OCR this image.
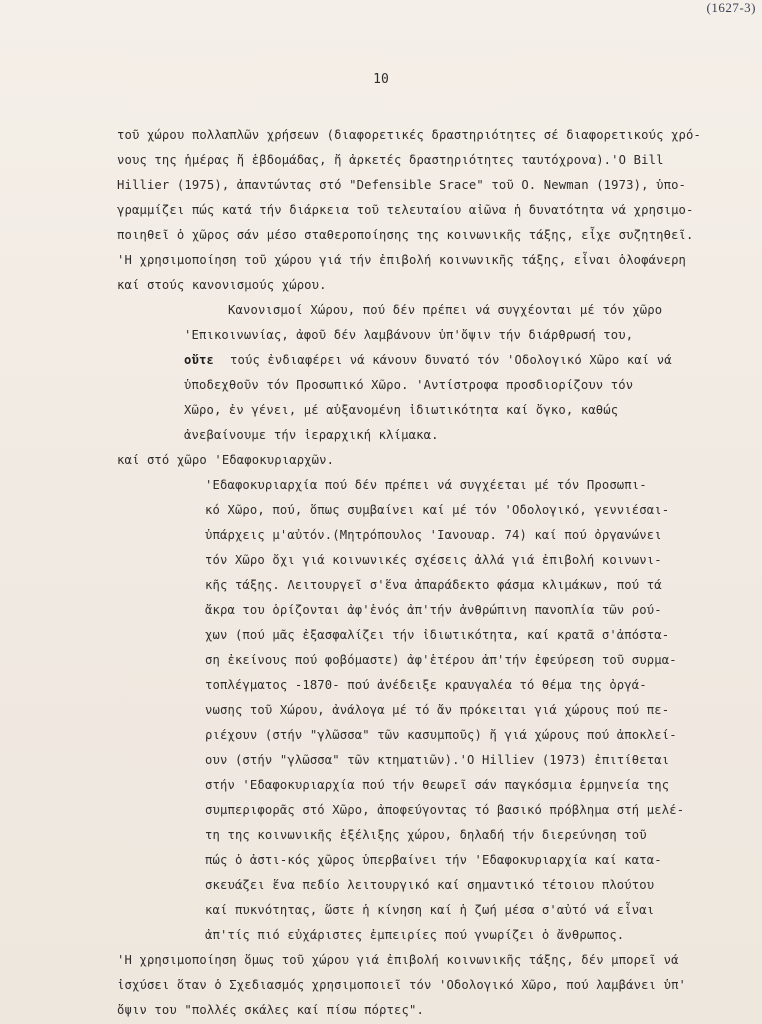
(1627-3)
10
τοῦ χώρου πολλαπλῶν χρήσεων (διαφορετικές δραστηριότητες σέ διαφορετικούς χρό-
νους της ἡμέρας ἤ ἑβδομάδας, ἤ ἀρκετές δραστηριότητες ταυτόχρονα).'Ο Bill
Hillier (1975), ἀπαντώντας στό "Defensible Srace" τοῦ O. Newman (1973), ὑπο-
γραμμίζει πώς κατά τήν διάρκεια τοῦ τελευταίου αἰῶνα ἡ δυνατότητα νά χρησιμο-
ποιηθεῖ ὁ χῶρος σάν μέσο σταθεροποίησης της κοινωνικῆς τάξης, εἶχε συζητηθεῖ.
'Η χρησιμοποίηση τοῦ χώρου γιά τήν ἐπιβολή κοινωνικῆς τάξης, εἶναι ὁλοφάνερη
καί στούς κανονισμούς χώρου.
Κανονισμοί Χώρου, πού δέν πρέπει νά συγχέονται μέ τόν χῶρο
'Επικοινωνίας, ἀφοῦ δέν λαμβάνουν ὑπ'ὄψιν τήν διάρθρωσή του,
οὔτε τούς ἐνδιαφέρει νά κάνουν δυνατό τόν 'Οδολογικό Χῶρο καί νά
ὑποδεχθοῦν τόν Προσωπικό Χῶρο. 'Αντίστροφα προσδιορίζουν τόν
Χῶρο, ἐν γένει, μέ αὐξανομένη ἰδιωτικότητα καί ὄγκο, καθώς
ἀνεβαίνουμε τήν ἱεραρχική κλίμακα.
καί στό χῶρο 'Εδαφοκυριαρχῶν.
'Εδαφοκυριαρχία πού δέν πρέπει νά συγχέεται μέ τόν Προσωπι-
κό Χῶρο, πού, ὅπως συμβαίνει καί μέ τόν 'Οδολογικό, γεννιέσαι-
ὑπάρχεις μ'αὐτόν.(Μητρόπουλος 'Ιανουαρ. 74) καί πού ὀργανώνει
τόν Χῶρο ὄχι γιά κοινωνικές σχέσεις ἀλλά γιά ἐπιβολή κοινωνι-
κῆς τάξης. Λειτουργεῖ σ'ἕνα ἀπαράδεκτο φάσμα κλιμάκων, πού τά
ἄκρα του ὁρίζονται ἀφ'ἑνός ἀπ'τήν ἀνθρώπινη πανοπλία τῶν ρού-
χων (πού μᾶς ἐξασφαλίζει τήν ἰδιωτικότητα, καί κρατᾶ σ'ἀπόστα-
ση ἐκείνους πού φοβόμαστε) ἀφ'ἑτέρου ἀπ'τήν ἐφεύρεση τοῦ συρμα-
τοπλέγματος -1870- πού ἀνέδειξε κραυγαλέα τό θέμα της ὀργά-
νωσης τοῦ Χώρου, ἀνάλογα μέ τό ἄν πρόκειται γιά χώρους πού πε-
ριέχουν (στήν "γλῶσσα" τῶν κασυμποῦς) ἤ γιά χώρους πού ἀποκλεί-
ουν (στήν "γλῶσσα" τῶν κτηματιῶν).'Ο Hilliev (1973) ἐπιτίθεται
στήν 'Εδαφοκυριαρχία πού τήν θεωρεῖ σάν παγκόσμια ἑρμηνεία της
συμπεριφορᾶς στό Χῶρο, ἀποφεύγοντας τό βασικό πρόβλημα στή μελέ-
τη της κοινωνικῆς ἐξέλιξης χώρου, δηλαδή τήν διερεύνηση τοῦ
πώς ὁ ἀστι-κός χῶρος ὑπερβαίνει τήν 'Εδαφοκυριαρχία καί κατα-
σκευάζει ἕνα πεδίο λειτουργικό καί σημαντικό τέτοιου πλούτου
καί πυκνότητας, ὥστε ἡ κίνηση καί ἡ ζωή μέσα σ'αὐτό νά εἶναι
ἀπ'τίς πιό εὐχάριστες ἐμπειρίες πού γνωρίζει ὁ ἄνθρωπος.
'Η χρησιμοποίηση ὅμως τοῦ χώρου γιά ἐπιβολή κοινωνικῆς τάξης, δέν μπορεῖ νά
ἰσχύσει ὅταν ὁ Σχεδιασμός χρησιμοποιεῖ τόν 'Οδολογικό Χῶρο, πού λαμβάνει ὑπ'
ὄψιν του "πολλές σκάλες καί πίσω πόρτες".
